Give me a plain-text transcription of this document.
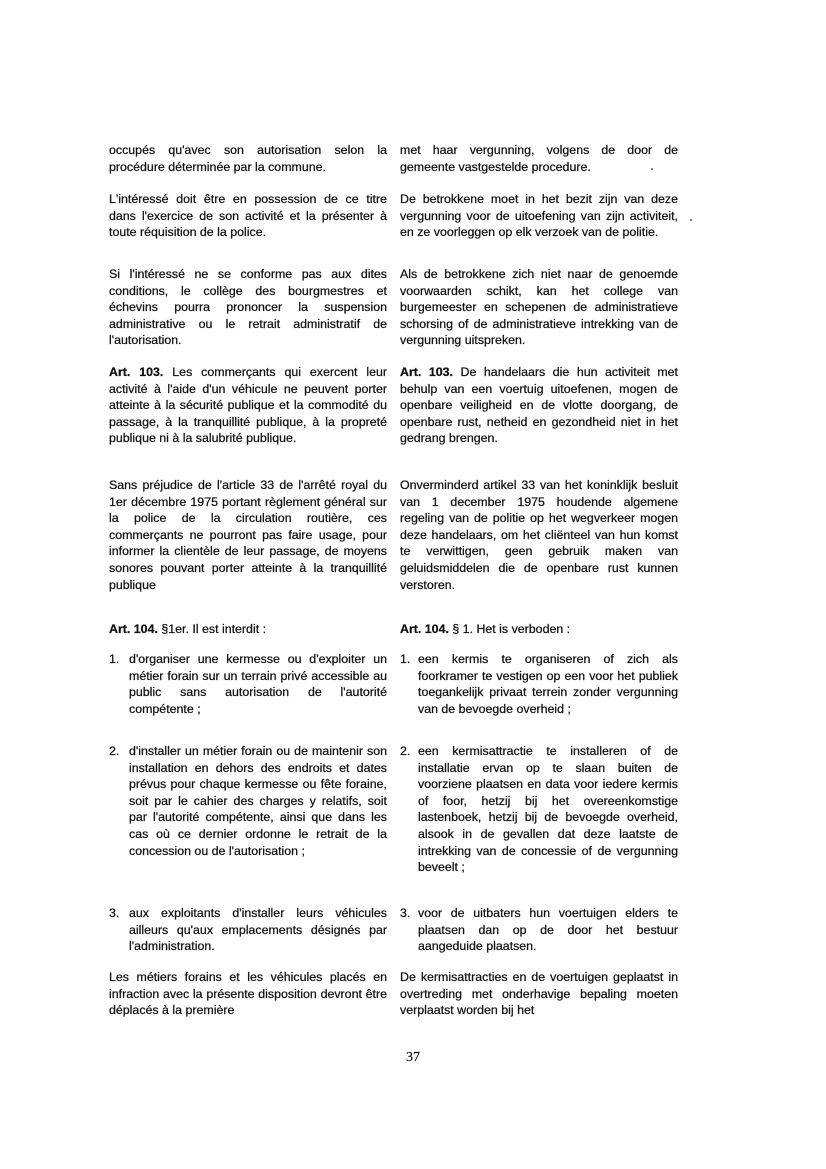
occupés qu'avec son autorisation selon la procédure déterminée par la commune.

L'intéressé doit être en possession de ce titre dans l'exercice de son activité et la présenter à toute réquisition de la police.

Si l'intéressé ne se conforme pas aux dites conditions, le collège des bourgmestres et échevins pourra prononcer la suspension administrative ou le retrait administratif de l'autorisation.

Art. 103. Les commerçants qui exercent leur activité à l'aide d'un véhicule ne peuvent porter atteinte à la sécurité publique et la commodité du passage, à la tranquillité publique, à la propreté publique ni à la salubrité publique.

Sans préjudice de l'article 33 de l'arrêté royal du 1er décembre 1975 portant règlement général sur la police de la circulation routière, ces commerçants ne pourront pas faire usage, pour informer la clientèle de leur passage, de moyens sonores pouvant porter atteinte à la tranquillité publique

Art. 104. §1er. Il est interdit :

1. d'organiser une kermesse ou d'exploiter un métier forain sur un terrain privé accessible au public sans autorisation de l'autorité compétente ;
2. d'installer un métier forain ou de maintenir son installation en dehors des endroits et dates prévus pour chaque kermesse ou fête foraine, soit par le cahier des charges y relatifs, soit par l'autorité compétente, ainsi que dans les cas où ce dernier ordonne le retrait de la concession ou de l'autorisation ;
3. aux exploitants d'installer leurs véhicules ailleurs qu'aux emplacements désignés par l'administration.

Les métiers forains et les véhicules placés en infraction avec la présente disposition devront être déplacés à la première

met haar vergunning, volgens de door de gemeente vastgestelde procedure.

De betrokkene moet in het bezit zijn van deze vergunning voor de uitoefening van zijn activiteit, en ze voorleggen op elk verzoek van de politie.

Als de betrokkene zich niet naar de genoemde voorwaarden schikt, kan het college van burgemeester en schepenen de administratieve schorsing of de administratieve intrekking van de vergunning uitspreken.

Art. 103. De handelaars die hun activiteit met behulp van een voertuig uitoefenen, mogen de openbare veiligheid en de vlotte doorgang, de openbare rust, netheid en gezondheid niet in het gedrang brengen.

Onverminderd artikel 33 van het koninklijk besluit van 1 december 1975 houdende algemene regeling van de politie op het wegverkeer mogen deze handelaars, om het cliënteel van hun komst te verwittigen, geen gebruik maken van geluidsmiddelen die de openbare rust kunnen verstoren.

Art. 104. § 1. Het is verboden :

1. een kermis te organiseren of zich als foorkramer te vestigen op een voor het publiek toegankelijk privaat terrein zonder vergunning van de bevoegde overheid ;
2. een kermisattractie te installeren of de installatie ervan op te slaan buiten de voorziene plaatsen en data voor iedere kermis of foor, hetzij bij het overeenkomstige lastenboek, hetzij bij de bevoegde overheid, alsook in de gevallen dat deze laatste de intrekking van de concessie of de vergunning beveelt ;
3. voor de uitbaters hun voertuigen elders te plaatsen dan op de door het bestuur aangeduide plaatsen.

De kermisattracties en de voertuigen geplaatst in overtreding met onderhavige bepaling moeten verplaatst worden bij het

37
